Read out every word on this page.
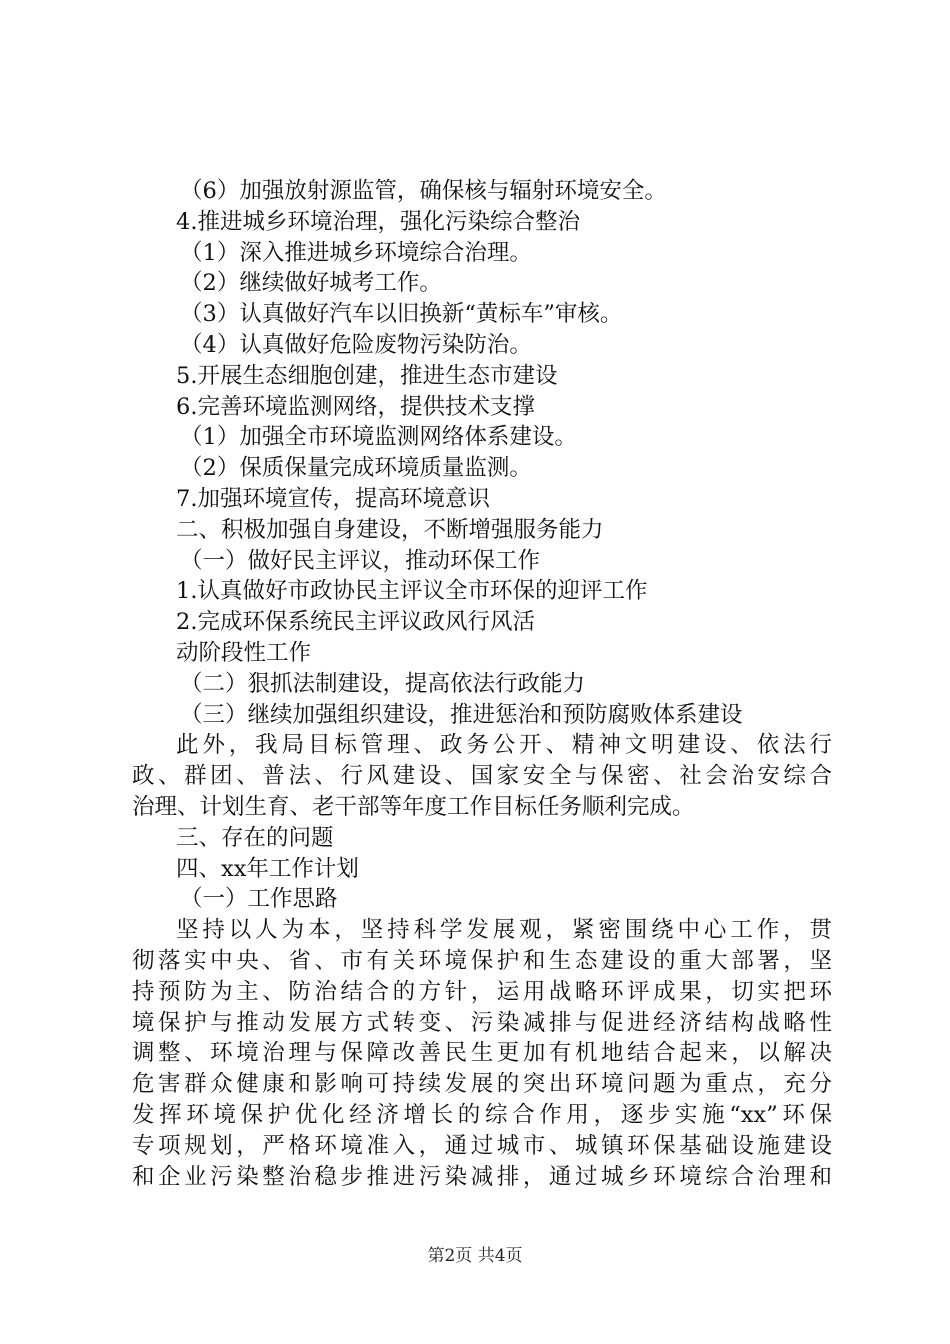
（6）加强放射源监管，确保核与辐射环境安全。
4.推进城乡环境治理，强化污染综合整治
（1）深入推进城乡环境综合治理。
（2）继续做好城考工作。
（3）认真做好汽车以旧换新“黄标车”审核。
（4）认真做好危险废物污染防治。
5.开展生态细胞创建，推进生态市建设
6.完善环境监测网络，提供技术支撑
（1）加强全市环境监测网络体系建设。
（2）保质保量完成环境质量监测。
7.加强环境宣传，提高环境意识
二、积极加强自身建设，不断增强服务能力
（一）做好民主评议，推动环保工作
1.认真做好市政协民主评议全市环保的迎评工作
2.完成环保系统民主评议政风行风活
动阶段性工作
（二）狠抓法制建设，提高依法行政能力
（三）继续加强组织建设，推进惩治和预防腐败体系建设
此外，我局目标管理、政务公开、精神文明建设、依法行
政、群团、普法、行风建设、国家安全与保密、社会治安综合
治理、计划生育、老干部等年度工作目标任务顺利完成。
三、存在的问题
四、xx年工作计划
（一）工作思路
坚持以人为本，坚持科学发展观，紧密围绕中心工作，贯
彻落实中央、省、市有关环境保护和生态建设的重大部署，坚
持预防为主、防治结合的方针，运用战略环评成果，切实把环
境保护与推动发展方式转变、污染减排与促进经济结构战略性
调整、环境治理与保障改善民生更加有机地结合起来，以解决
危害群众健康和影响可持续发展的突出环境问题为重点，充分
发挥环境保护优化经济增长的综合作用，逐步实施“xx”环保
专项规划，严格环境准入，通过城市、城镇环保基础设施建设
和企业污染整治稳步推进污染减排，通过城乡环境综合治理和
第2页 共4页
